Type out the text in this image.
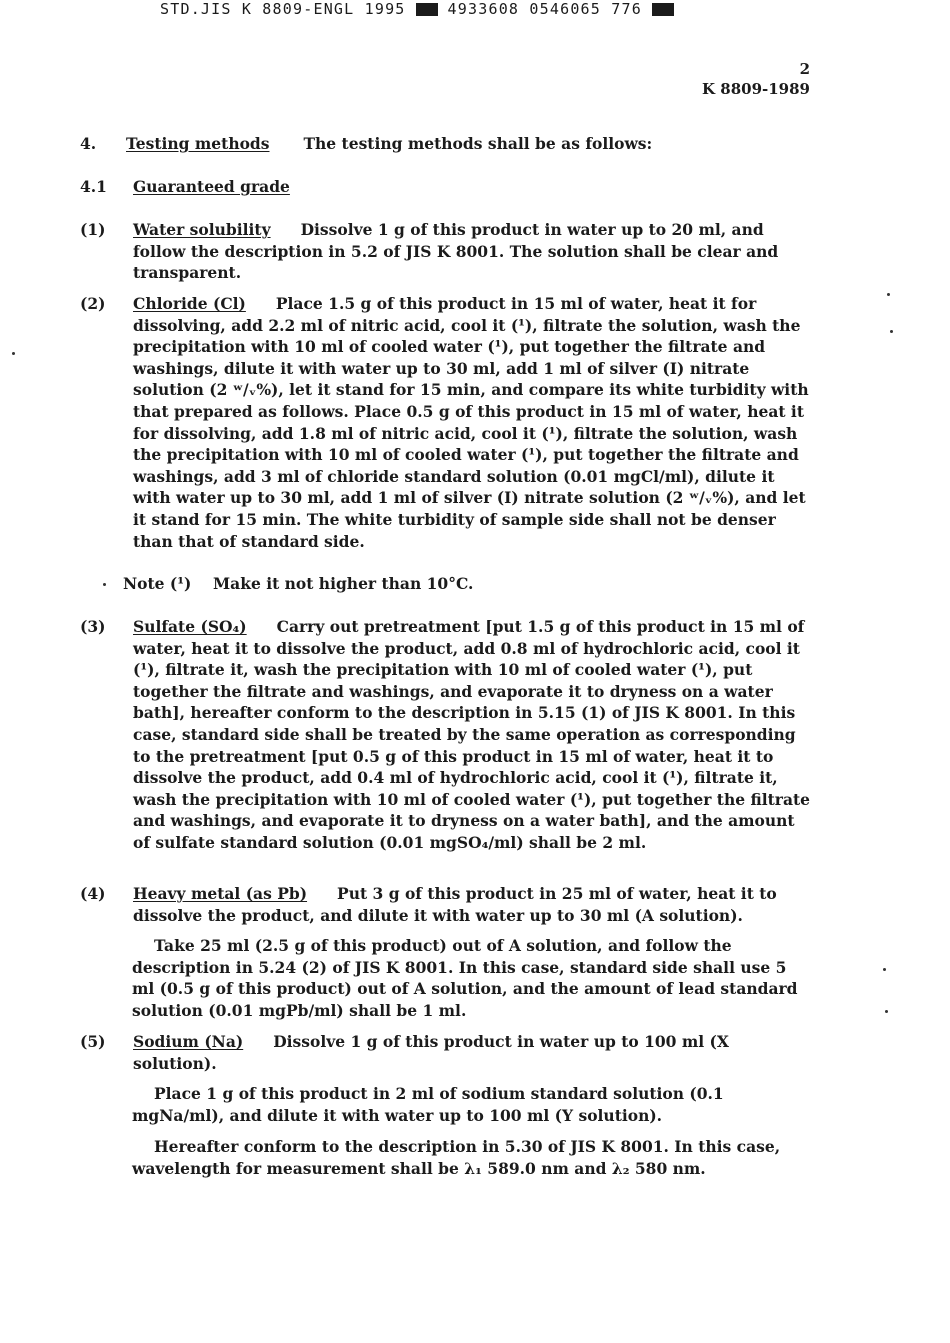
STD.JIS K 8809-ENGL 1995	4933608 0546065 776
2
K 8809-1989
4. Testing methods The testing methods shall be as follows:
4.1 Guaranteed grade
(1) Water solubility Dissolve 1 g of this product in water up to 20 ml, and follow the description in 5.2 of JIS K 8001. The solution shall be clear and transparent.
(2) Chloride (Cl) Place 1.5 g of this product in 15 ml of water, heat it for dissolving, add 2.2 ml of nitric acid, cool it (¹), filtrate the solution, wash the precipitation with 10 ml of cooled water (¹), put together the filtrate and washings, dilute it with water up to 30 ml, add 1 ml of silver (I) nitrate solution (2 ʷ/ᵥ%), let it stand for 15 min, and compare its white turbidity with that prepared as follows. Place 0.5 g of this product in 15 ml of water, heat it for dissolving, add 1.8 ml of nitric acid, cool it (¹), filtrate the solution, wash the precipitation with 10 ml of cooled water (¹), put together the filtrate and washings, add 3 ml of chloride standard solution (0.01 mgCl/ml), dilute it with water up to 30 ml, add 1 ml of silver (I) nitrate solution (2 ʷ/ᵥ%), and let it stand for 15 min. The white turbidity of sample side shall not be denser than that of standard side.
Note (¹) Make it not higher than 10°C.
(3) Sulfate (SO₄) Carry out pretreatment [put 1.5 g of this product in 15 ml of water, heat it to dissolve the product, add 0.8 ml of hydrochloric acid, cool it (¹), filtrate it, wash the precipitation with 10 ml of cooled water (¹), put together the filtrate and washings, and evaporate it to dryness on a water bath], hereafter conform to the description in 5.15 (1) of JIS K 8001. In this case, standard side shall be treated by the same operation as corresponding to the pretreatment [put 0.5 g of this product in 15 ml of water, heat it to dissolve the product, add 0.4 ml of hydrochloric acid, cool it (¹), filtrate it, wash the precipitation with 10 ml of cooled water (¹), put together the filtrate and washings, and evaporate it to dryness on a water bath], and the amount of sulfate standard solution (0.01 mgSO₄/ml) shall be 2 ml.
(4) Heavy metal (as Pb) Put 3 g of this product in 25 ml of water, heat it to dissolve the product, and dilute it with water up to 30 ml (A solution).
Take 25 ml (2.5 g of this product) out of A solution, and follow the description in 5.24 (2) of JIS K 8001. In this case, standard side shall use 5 ml (0.5 g of this product) out of A solution, and the amount of lead standard solution (0.01 mgPb/ml) shall be 1 ml.
(5) Sodium (Na) Dissolve 1 g of this product in water up to 100 ml (X solution).
Place 1 g of this product in 2 ml of sodium standard solution (0.1 mgNa/ml), and dilute it with water up to 100 ml (Y solution).
Hereafter conform to the description in 5.30 of JIS K 8001. In this case, wavelength for measurement shall be λ₁ 589.0 nm and λ₂ 580 nm.
